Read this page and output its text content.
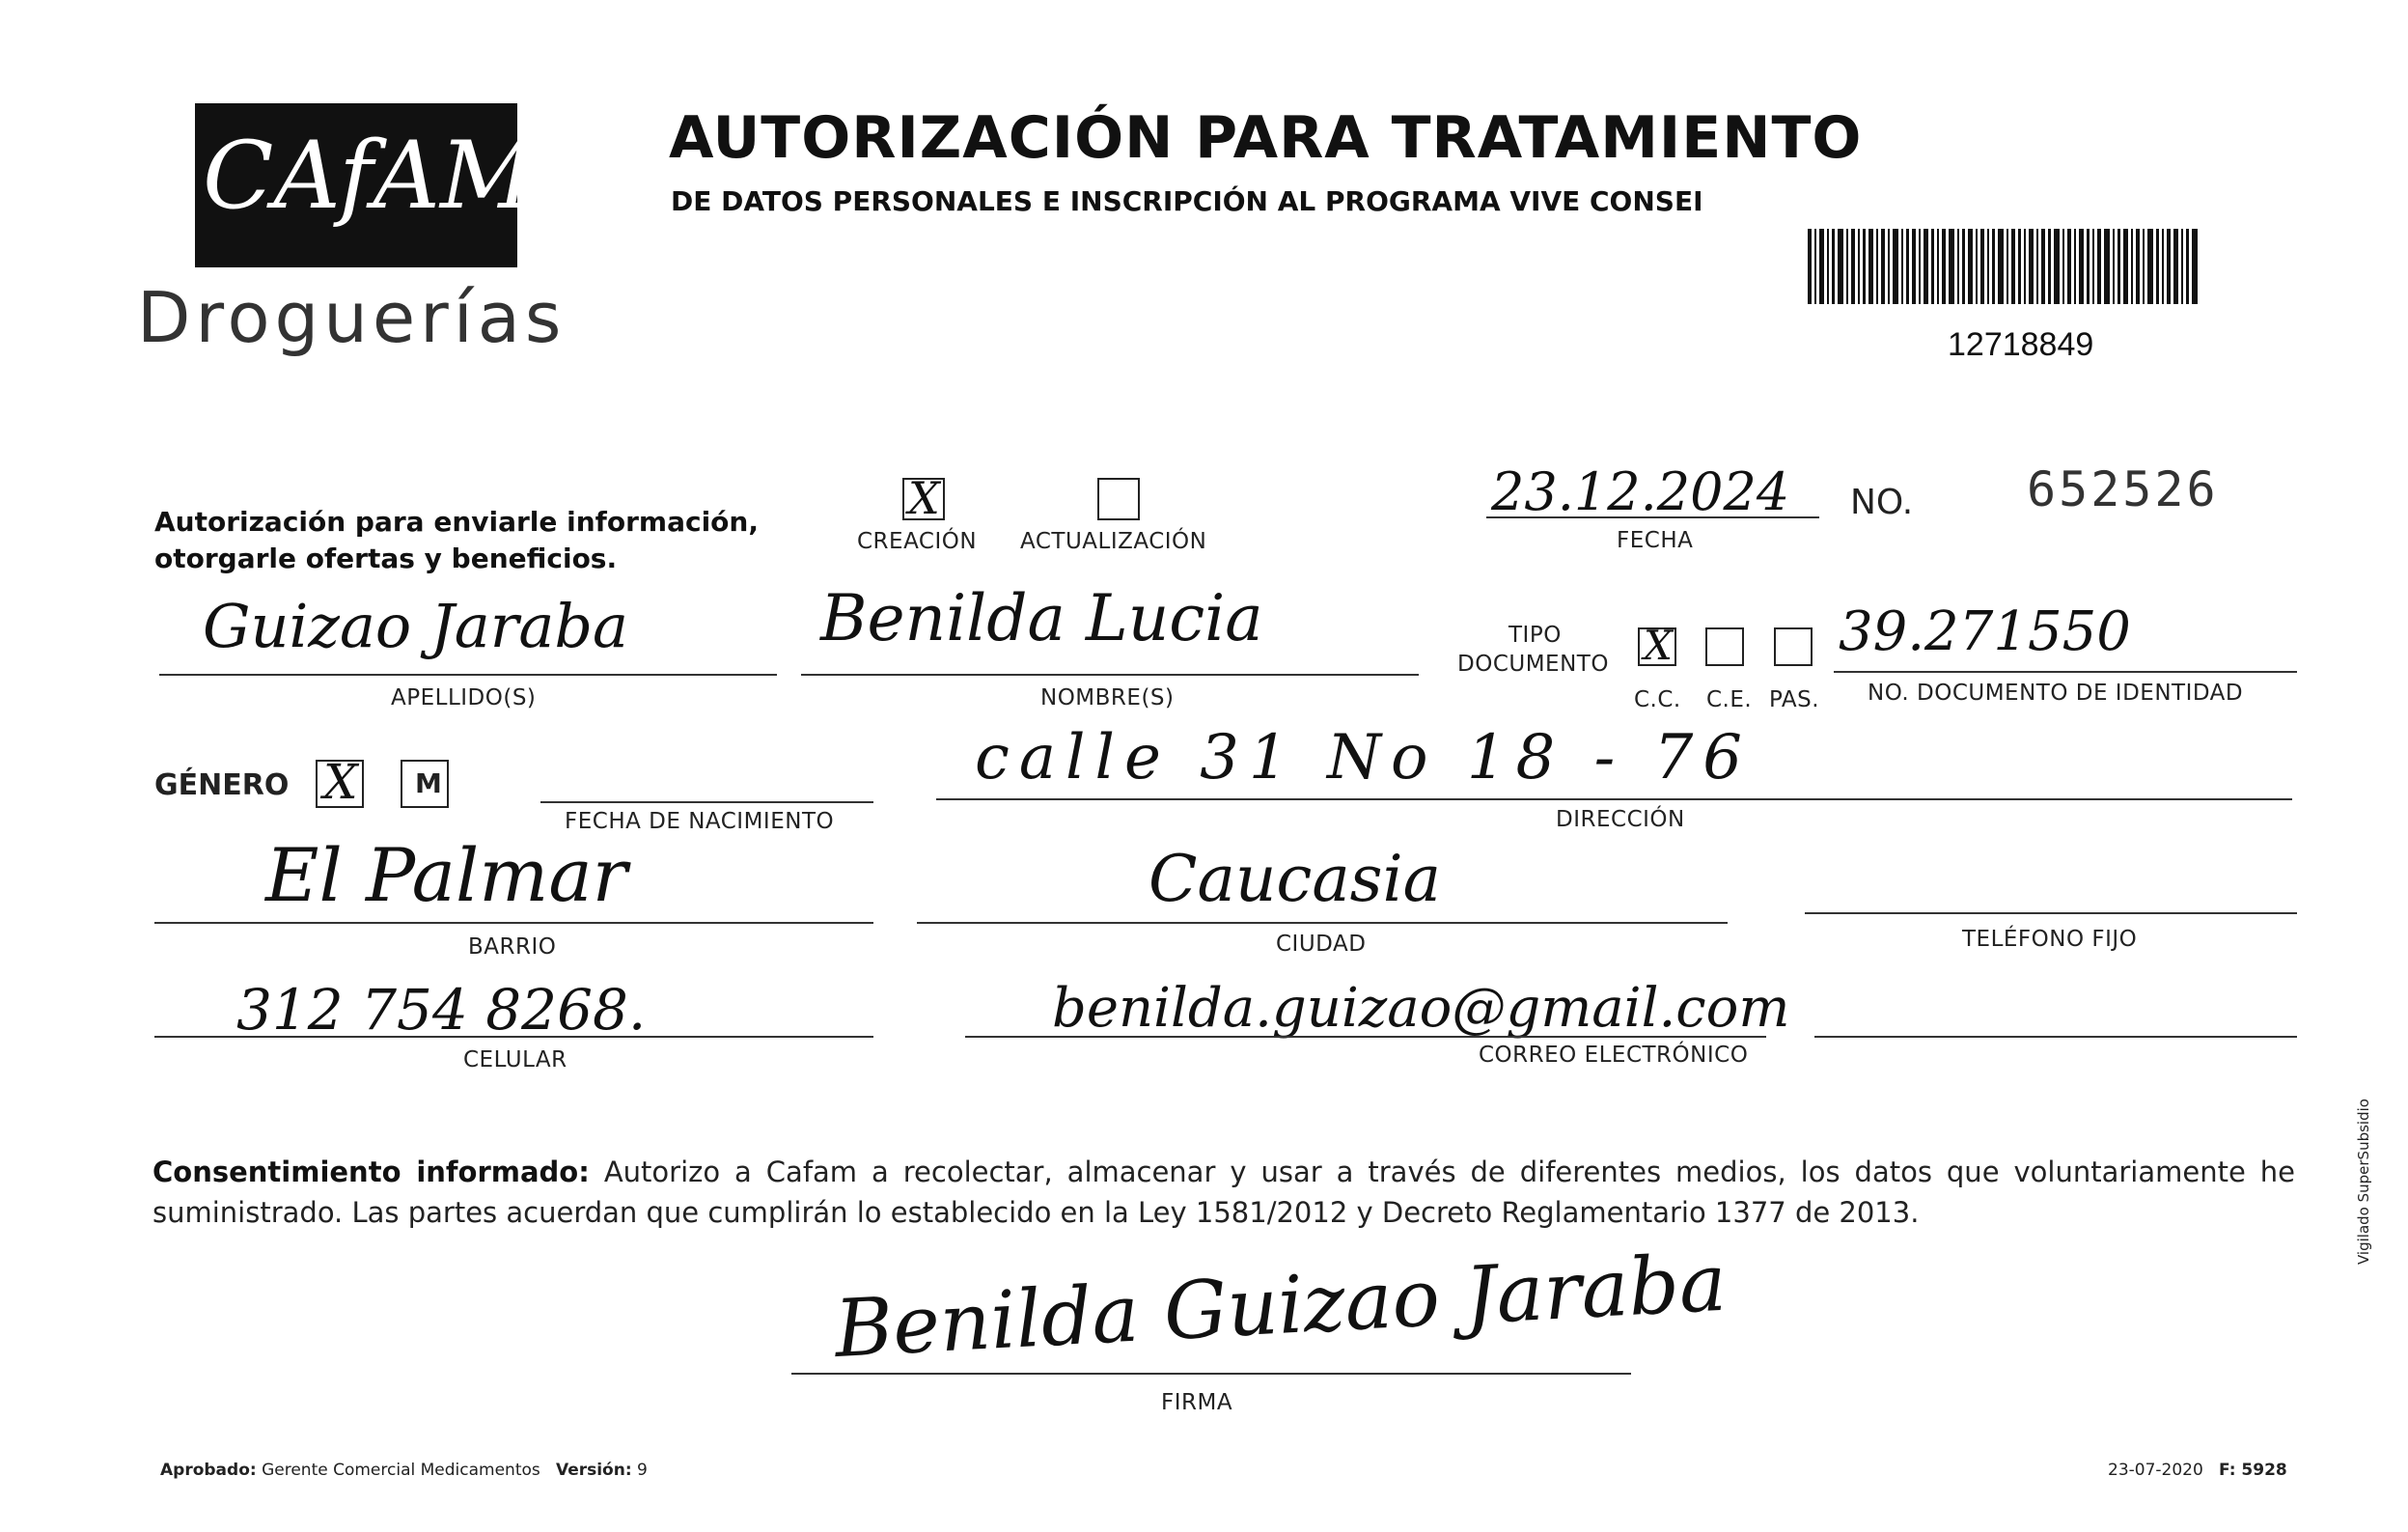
CAfAM
Droguerías
AUTORIZACIÓN PARA TRATAMIENTO
DE DATOS PERSONALES E INSCRIPCIÓN AL PROGRAMA VIVE CONSEI
12718849
Autorización para enviarle información,
otorgarle ofertas y beneficios.
X
CREACIÓN ACTUALIZACIÓN
23.12.2024
FECHA
NO. 652526
Guizao Jaraba
APELLIDO(S)
Benilda Lucia
NOMBRE(S)
TIPO
DOCUMENTO X
C.C. C.E. PAS.
39.271550
NO. DOCUMENTO DE IDENTIDAD
GÉNERO X M
FECHA DE NACIMIENTO
calle 31 No 18 - 76
DIRECCIÓN
El Palmar
BARRIO
Caucasia
CIUDAD	TELÉFONO FIJO
312 754 8268.
CELULAR
benilda.guizao@gmail.com
CORREO ELECTRÓNICO
Consentimiento informado: Autorizo a Cafam a recolectar, almacenar y usar a través de diferentes medios, los datos que voluntariamente he suministrado. Las partes acuerdan que cumplirán lo establecido en la Ley 1581/2012 y Decreto Reglamentario 1377 de 2013.
Benilda Guizao Jaraba
FIRMA
Aprobado: Gerente Comercial Medicamentos Versión: 9	23-07-2020 F: 5928
Vigilado SuperSubsidio
